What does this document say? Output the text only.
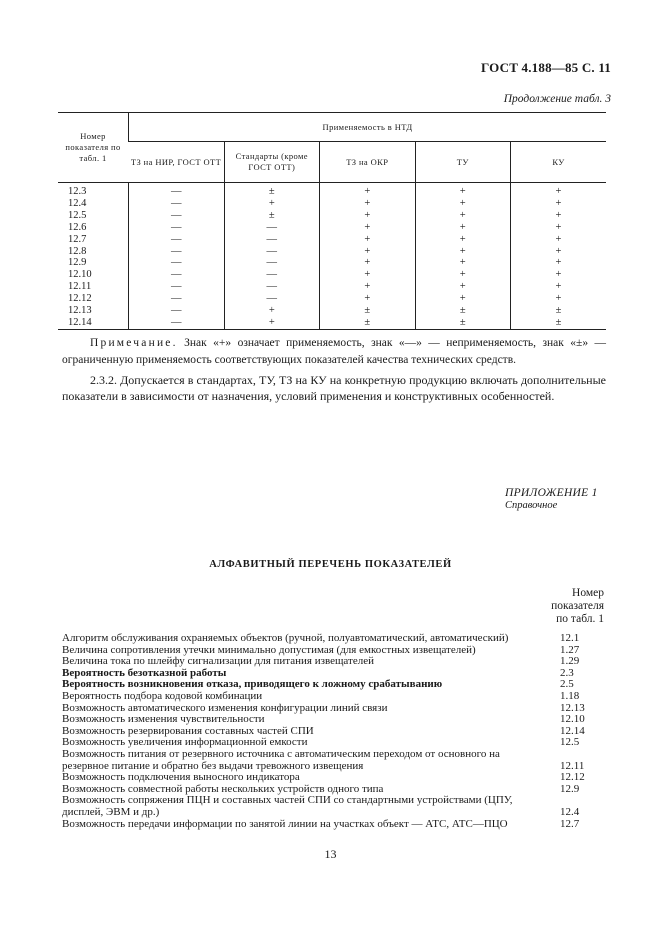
ГОСТ 4.188—85 С. 11
Продолжение табл. 3
Номер показателя по табл. 1	Применяемость в НТД				
	ТЗ на НИР, ГОСТ ОТТ	Стандарты (кроме ГОСТ ОТТ)	ТЗ на ОКР	ТУ	КУ
12.3	—	±	+	+	+
12.4	—	+	+	+	+
12.5	—	±	+	+	+
12.6	—	—	+	+	+
12.7	—	—	+	+	+
12.8	—	—	+	+	+
12.9	—	—	+	+	+
12.10	—	—	+	+	+
12.11	—	—	+	+	+
12.12	—	—	+	+	+
12.13	—	+	±	±	±
12.14	—	+	±	±	±
Примечание. Знак «+» означает применяемость, знак «—» — неприменяемость, знак «±» — ограниченную применяемость соответствующих показателей качества технических средств.
2.3.2. Допускается в стандартах, ТУ, ТЗ на КУ на конкретную продукцию включать дополнительные показатели в зависимости от назначения, условий применения и конструктивных особенностей.
ПРИЛОЖЕНИЕ 1
Справочное
АЛФАВИТНЫЙ ПЕРЕЧЕНЬ ПОКАЗАТЕЛЕЙ
Номер показателя по табл. 1
Алгоритм обслуживания охраняемых объектов (ручной, полуавтоматический, автоматический)	12.1
Величина сопротивления утечки минимально допустимая (для емкостных извещателей)	1.27
Величина тока по шлейфу сигнализации для питания извещателей	1.29
Вероятность безотказной работы	2.3
Вероятность возникновения отказа, приводящего к ложному срабатыванию	2.5
Вероятность подбора кодовой комбинации	1.18
Возможность автоматического изменения конфигурации линий связи	12.13
Возможность изменения чувствительности	12.10
Возможность резервирования составных частей СПИ	12.14
Возможность увеличения информационной емкости	12.5
Возможность питания от резервного источника с автоматическим переходом от основного на резервное питание и обратно без выдачи тревожного извещения	12.11
Возможность подключения выносного индикатора	12.12
Возможность совместной работы нескольких устройств одного типа	12.9
Возможность сопряжения ПЦН и составных частей СПИ со стандартными устройствами (ЦПУ, дисплей, ЭВМ и др.)	12.4
Возможность передачи информации по занятой линии на участках объект — АТС, АТС—ПЦО	12.7
13
